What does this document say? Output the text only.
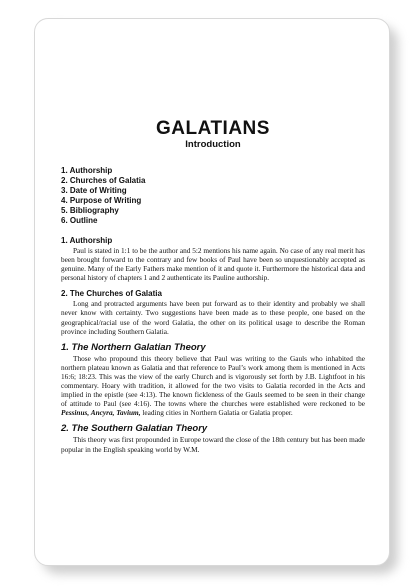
GALATIANS
Introduction
1. Authorship
2. Churches of Galatia
3. Date of Writing
4. Purpose of Writing
5. Bibliography
6. Outline
1. Authorship

Paul is stated in 1:1 to be the author and 5:2 mentions his name again. No case of any real merit has been brought forward to the contrary and few books of Paul have been so unquestionably accepted as genuine. Many of the Early Fathers make mention of it and quote it. Furthermore the historical data and personal history of chapters 1 and 2 authenticate its Pauline authorship.

2. The Churches of Galatia

Long and protracted arguments have been put forward as to their identity and probably we shall never know with certainty. Two suggestions have been made as to these people, one based on the geographical/racial use of the word Galatia, the other on its political usage to describe the Roman province including Southern Galatia.

1. The Northern Galatian Theory

Those who propound this theory believe that Paul was writing to the Gauls who inhabited the northern plateau known as Galatia and that reference to Paul’s work among them is mentioned in Acts 16:6; 18:23. This was the view of the early Church and is vigorously set forth by J.B. Lightfoot in his commentary. Hoary with tradition, it allowed for the two visits to Galatia recorded in the Acts and implied in the epistle (see 4:13). The known fickleness of the Gauls seemed to be seen in their change of attitude to Paul (see 4:16). The towns where the churches were established were reckoned to be Pessinus, Ancyra, Tavium, leading cities in Northern Galatia or Galatia proper.

2. The Southern Galatian Theory

This theory was first propounded in Europe toward the close of the 18th century but has been made popular in the English speaking world by W.M.
